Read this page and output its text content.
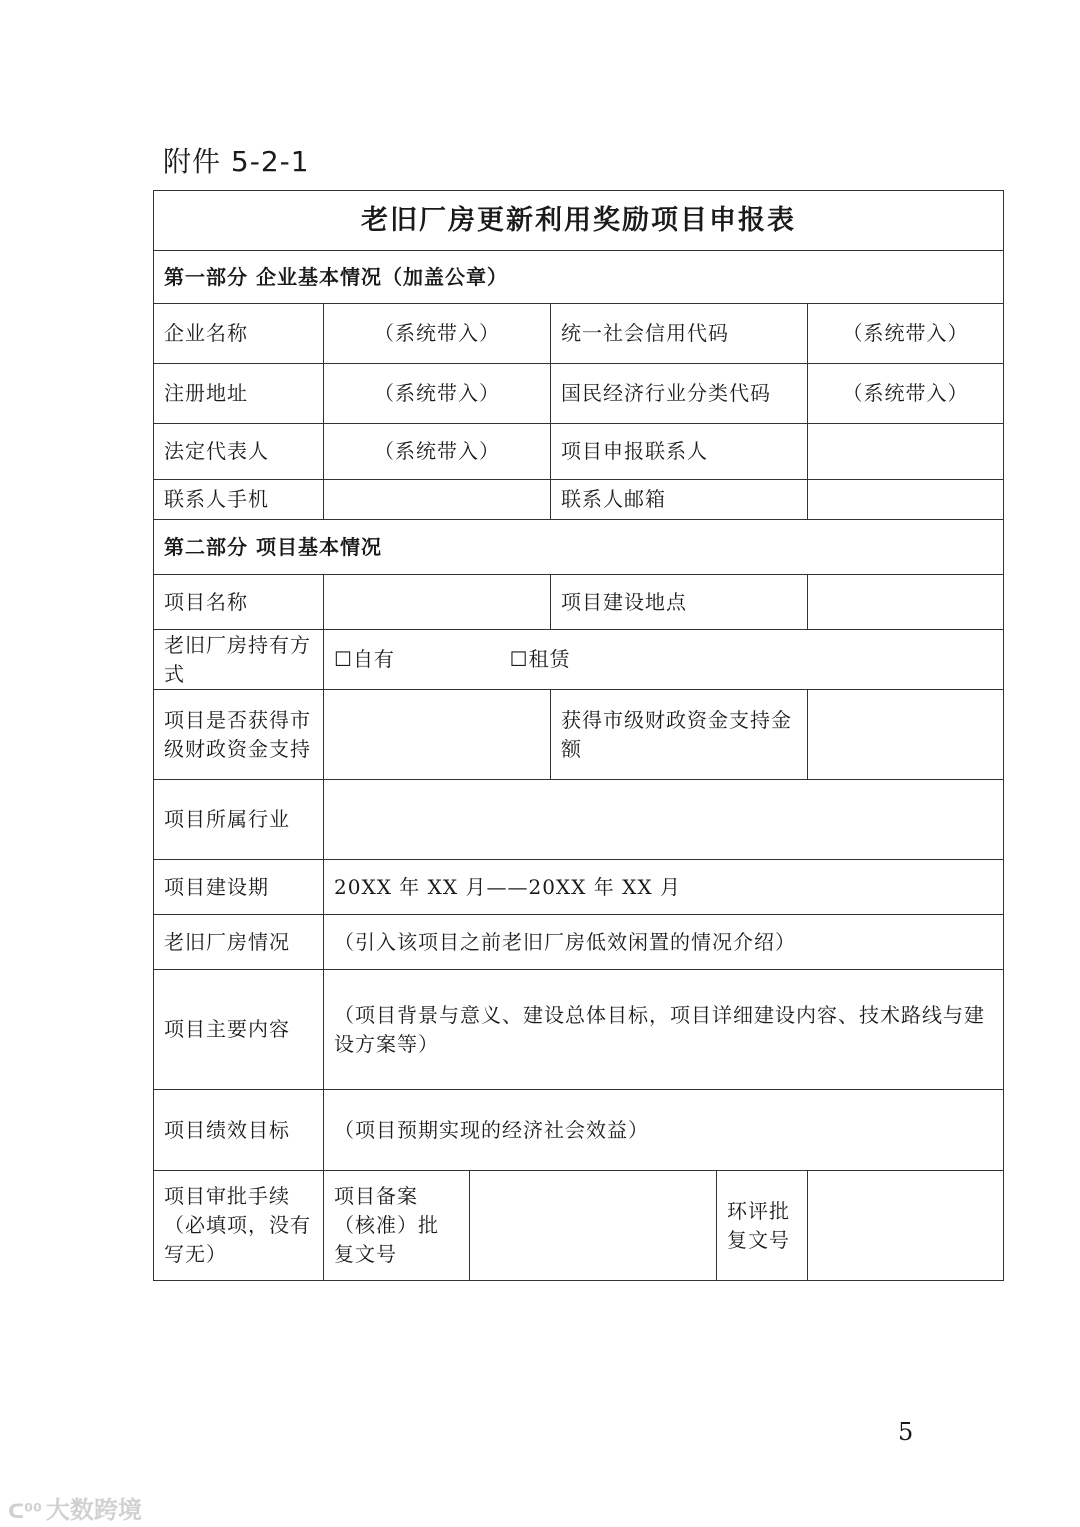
附件 5-2-1
老旧厂房更新利用奖励项目申报表					
第一部分 企业基本情况（加盖公章）					
企业名称	（系统带入）		统一社会信用代码		（系统带入）
注册地址	（系统带入）		国民经济行业分类代码		（系统带入）
法定代表人	（系统带入）		项目申报联系人		
联系人手机			联系人邮箱		
第二部分 项目基本情况					
项目名称			项目建设地点		
老旧厂房持有方式	☐自有 ☐租赁				
项目是否获得市级财政资金支持			获得市级财政资金支持金额		
项目所属行业					
项目建设期	20XX 年 XX 月——20XX 年 XX 月				
老旧厂房情况	（引入该项目之前老旧厂房低效闲置的情况介绍）				
项目主要内容	（项目背景与意义、建设总体目标，项目详细建设内容、技术路线与建设方案等）				
项目绩效目标	（项目预期实现的经济社会效益）				
项目审批手续（必填项，没有写无）	项目备案（核准）批复文号			环评批复文号	
5
ᑕ⁰⁰ 大数跨境
